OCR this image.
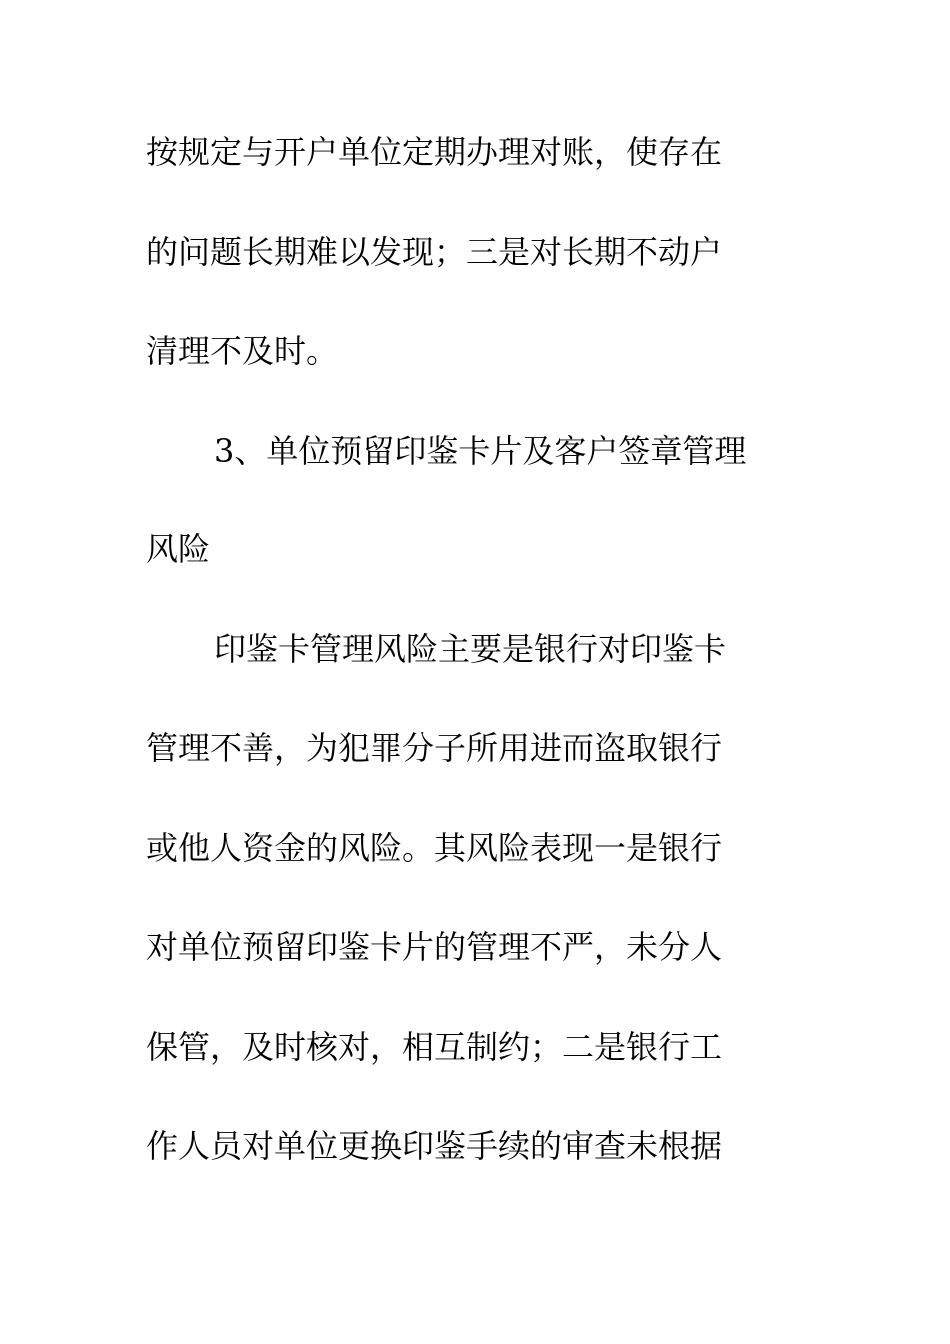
按规定与开户单位定期办理对账，使存在
的问题长期难以发现；三是对长期不动户
清理不及时。
3、单位预留印鉴卡片及客户签章管理
风险
印鉴卡管理风险主要是银行对印鉴卡
管理不善，为犯罪分子所用进而盗取银行
或他人资金的风险。其风险表现一是银行
对单位预留印鉴卡片的管理不严，未分人
保管，及时核对，相互制约；二是银行工
作人员对单位更换印鉴手续的审查未根据
